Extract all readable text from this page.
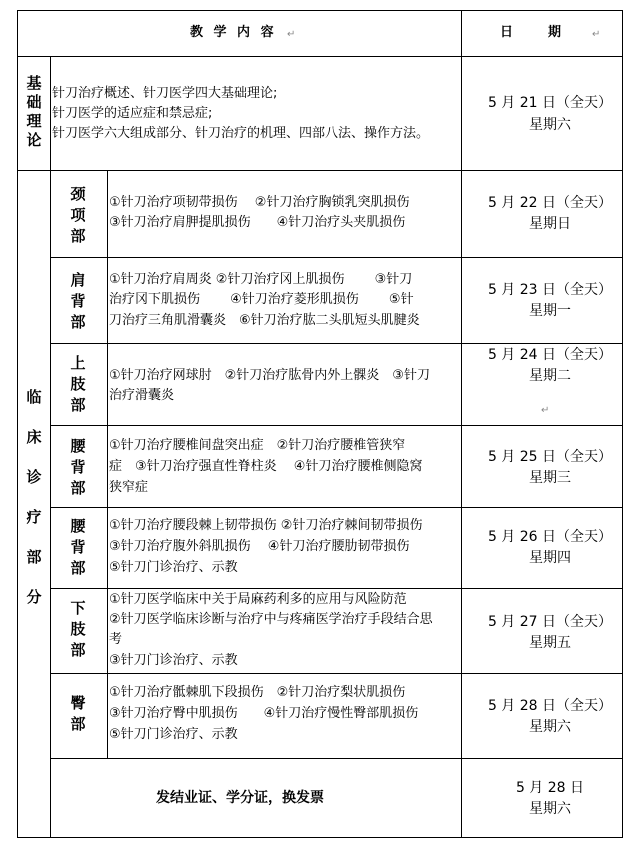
教 学 内 容 ↵	日　　期	↵
基
础
理
论
针刀治疗概述、针刀医学四大基础理论;
针刀医学的适应症和禁忌症;
针刀医学六大组成部分、针刀治疗的机理、四部八法、操作方法。
5 月 21 日（全天）
星期六
临
床
诊
疗
部
分
颈
项
部
①针刀治疗项韧带损伤　 ②针刀治疗胸锁乳突肌损伤
③针刀治疗肩胛提肌损伤　　④针刀治疗头夹肌损伤
5 月 22 日（全天）
星期日
肩
背
部
①针刀治疗肩周炎 ②针刀治疗冈上肌损伤　　 ③针刀
治疗冈下肌损伤　　 ④针刀治疗菱形肌损伤　　 ⑤针
刀治疗三角肌滑囊炎　⑥针刀治疗肱二头肌短头肌腱炎
5 月 23 日（全天）
星期一
上
肢
部
①针刀治疗网球肘　②针刀治疗肱骨内外上髁炎　③针刀
治疗滑囊炎
5 月 24 日（全天）
星期二
↵
腰
背
部
①针刀治疗腰椎间盘突出症　②针刀治疗腰椎管狭窄
症　③针刀治疗强直性脊柱炎　 ④针刀治疗腰椎侧隐窝
狭窄症
5 月 25 日（全天）
星期三
腰
背
部
①针刀治疗腰段棘上韧带损伤 ②针刀治疗棘间韧带损伤
③针刀治疗腹外斜肌损伤　 ④针刀治疗腰肋韧带损伤
⑤针刀门诊治疗、示教
5 月 26 日（全天）
星期四
下
肢
部
①针刀医学临床中关于局麻药利多的应用与风险防范
②针刀医学临床诊断与治疗中与疼痛医学治疗手段结合思
考
③针刀门诊治疗、示教
5 月 27 日（全天）
星期五
臀
部
①针刀治疗骶棘肌下段损伤　②针刀治疗梨状肌损伤
③针刀治疗臀中肌损伤　　④针刀治疗慢性臀部肌损伤
⑤针刀门诊治疗、示教
5 月 28 日（全天）
星期六
发结业证、学分证，换发票
5 月 28 日
星期六
